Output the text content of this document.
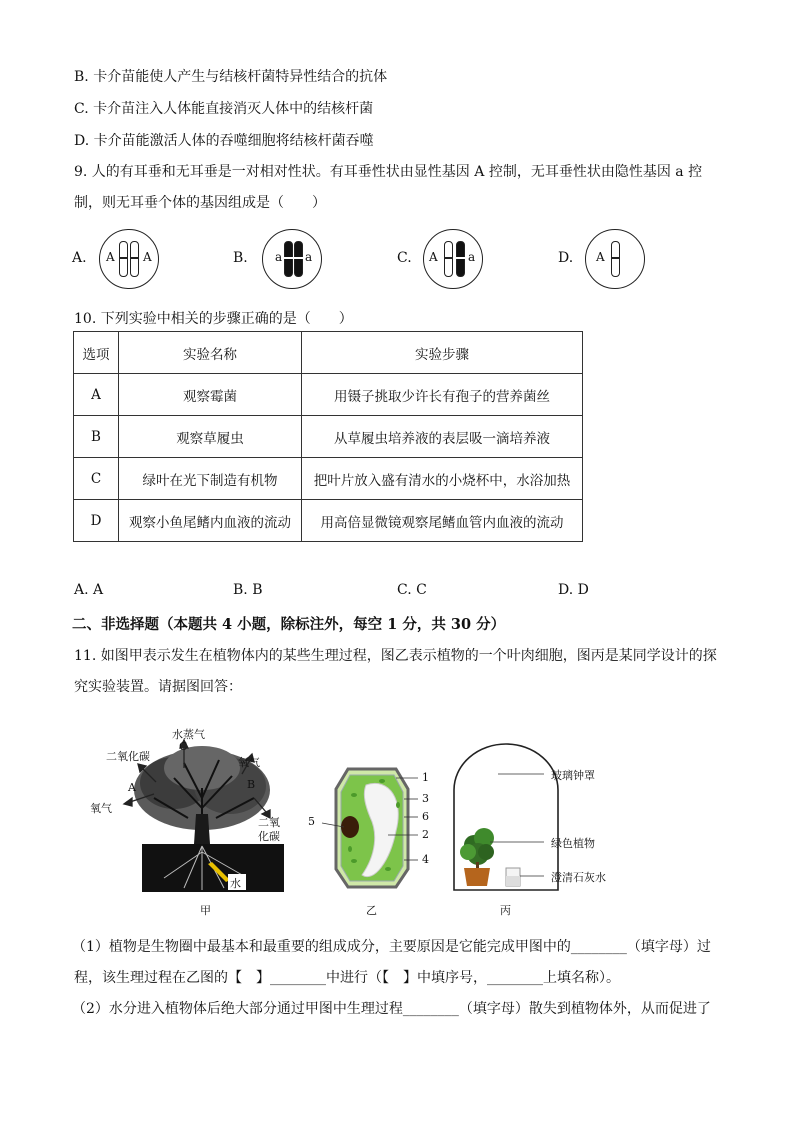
B. 卡介苗能使人产生与结核杆菌特异性结合的抗体
C. 卡介苗注入人体能直接消灭人体中的结核杆菌
D. 卡介苗能激活人体的吞噬细胞将结核杆菌吞噬
9. 人的有耳垂和无耳垂是一对相对性状。有耳垂性状由显性基因 A 控制，无耳垂性状由隐性基因 a 控
制，则无耳垂个体的基因组成是（　　）
A. A A	B. a a	C. A	a	D. A
10. 下列实验中相关的步骤正确的是（　　）
选项	实验名称	实验步骤
A	观察霉菌	用镊子挑取少许长有孢子的营养菌丝
B	观察草履虫	从草履虫培养液的表层吸一滴培养液
C	绿叶在光下制造有机物	把叶片放入盛有清水的小烧杯中，水浴加热
D	观察小鱼尾鳍内血液的流动	用高倍显微镜观察尾鳍血管内血液的流动
A. A	B. B	C. C	D. D
二、非选择题（本题共 4 小题，除标注外，每空 1 分，共 30 分）
11. 如图甲表示发生在植物体内的某些生理过程，图乙表示植物的一个叶肉细胞，图丙是某同学设计的探
究实验装置。请据图回答：
水蒸气
C
二氧化碳
A
氧气
氧气
B
二氧
化碳
水
甲
1
3
6
2
4
5
乙
玻璃钟罩
绿色植物
澄清石灰水
丙
（1）植物是生物圈中最基本和最重要的组成成分，主要原因是它能完成甲图中的________（填字母）过
程，该生理过程在乙图的【　】________中进行（【　】中填序号，________上填名称）。
（2）水分进入植物体后绝大部分通过甲图中生理过程________（填字母）散失到植物体外，从而促进了
